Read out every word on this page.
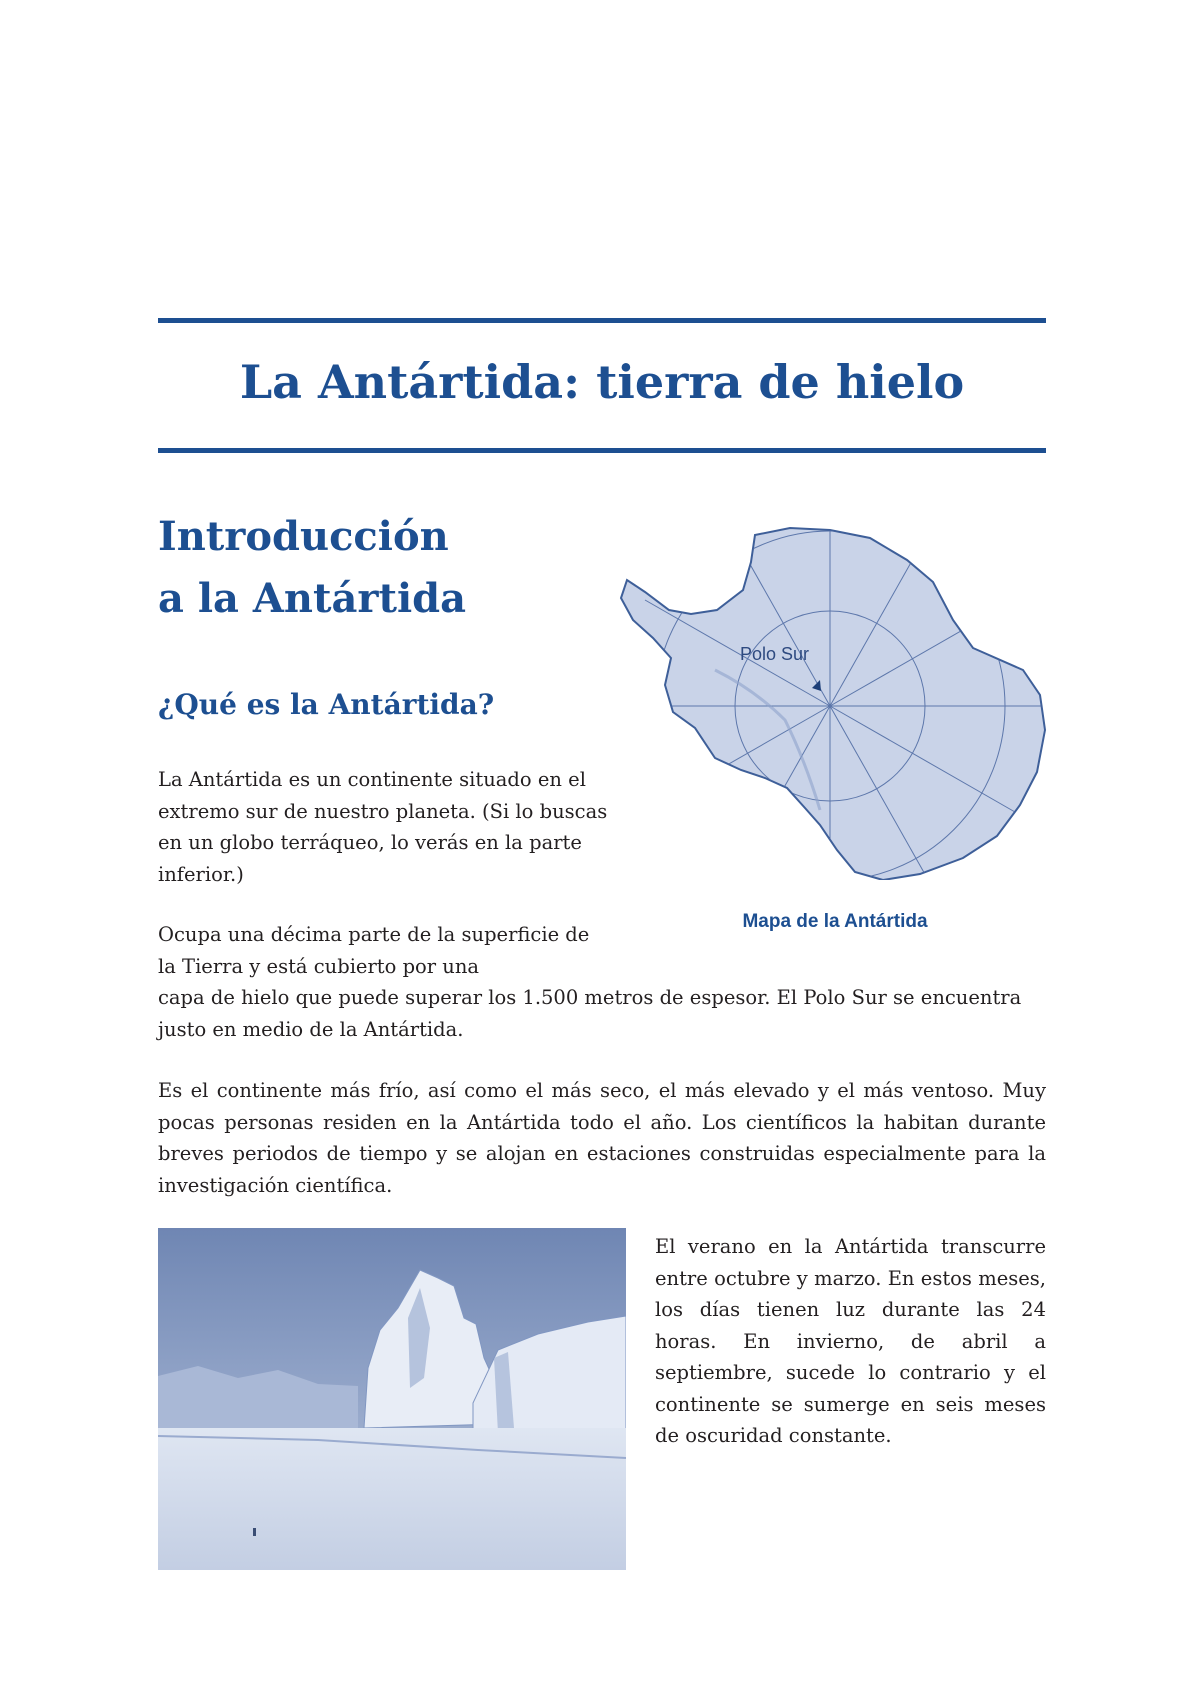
La Antártida: tierra de hielo
Introducción
a la Antártida
¿Qué es la Antártida?

La Antártida es un continente situado en el extremo sur de nuestro planeta. (Si lo buscas en un globo terráqueo, lo verás en la parte inferior.)

Ocupa una décima parte de la superficie de la Tierra y está cubierto por una
capa de hielo que puede superar los 1.500 metros de espesor. El Polo Sur se encuentra justo en medio de la Antártida.

Es el continente más frío, así como el más seco, el más elevado y el más ventoso. Muy pocas personas residen en la Antártida todo el año. Los científicos la habitan durante breves periodos de tiempo y se alojan en estaciones construidas especialmente para la investigación científica.

Polo Sur

Mapa de la Antártida

El verano en la Antártida transcurre entre octubre y marzo. En estos meses, los días tienen luz durante las 24 horas. En invierno, de abril a septiembre, sucede lo contrario y el continente se sumerge en seis meses de oscuridad constante.
